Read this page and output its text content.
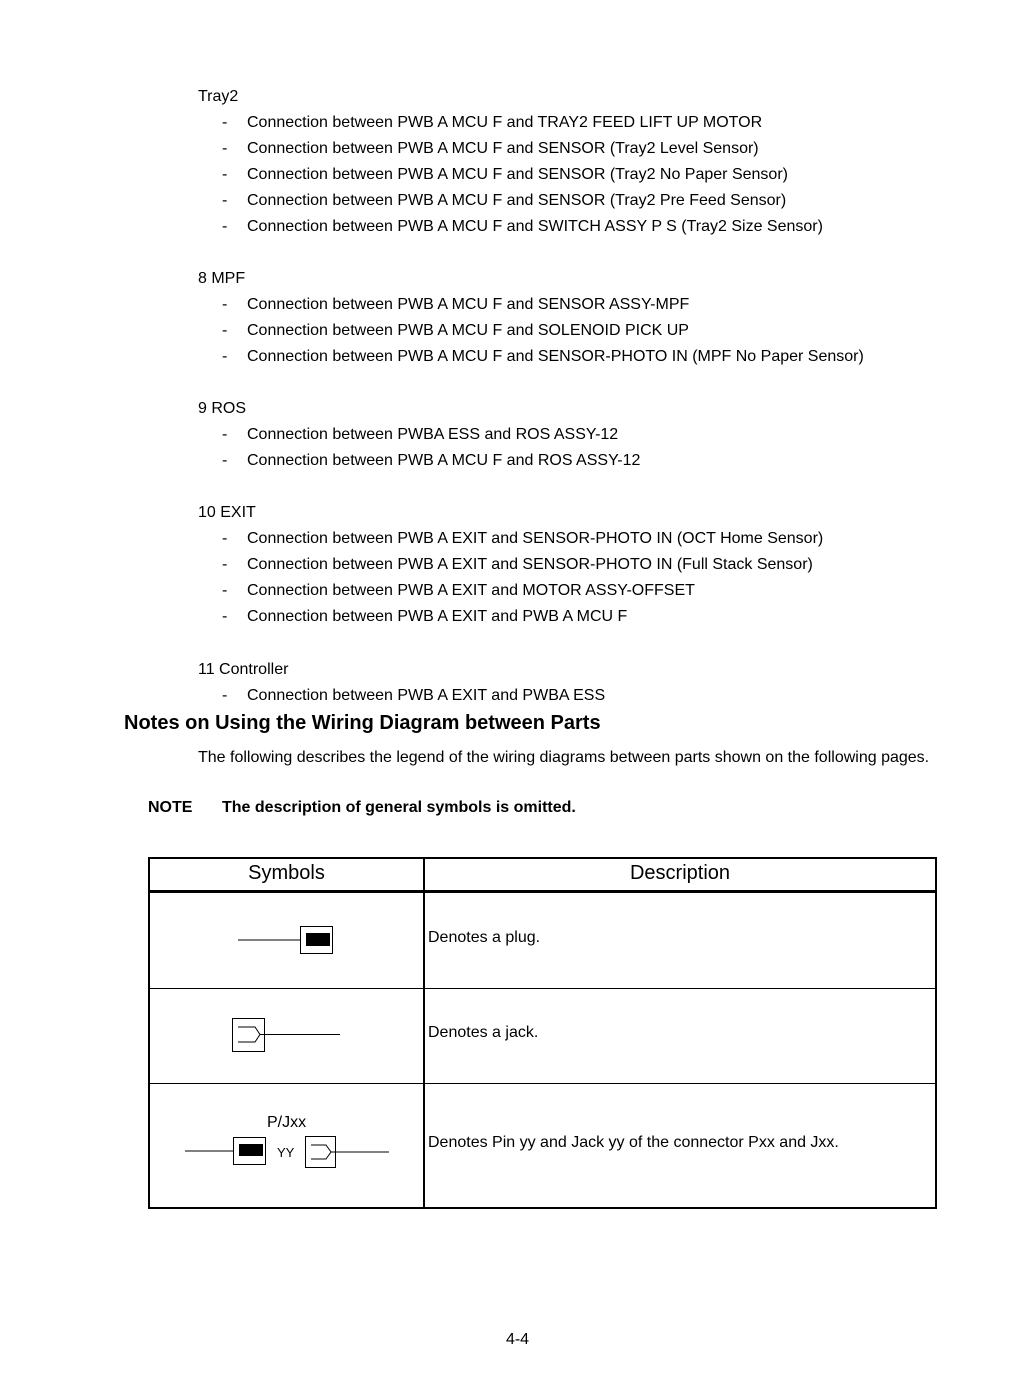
Tray2
- Connection between PWB A MCU F and TRAY2 FEED LIFT UP MOTOR
- Connection between PWB A MCU F and SENSOR (Tray2 Level Sensor)
- Connection between PWB A MCU F and SENSOR (Tray2 No Paper Sensor)
- Connection between PWB A MCU F and SENSOR (Tray2 Pre Feed Sensor)
- Connection between PWB A MCU F and SWITCH ASSY P S (Tray2 Size Sensor)
8 MPF
- Connection between PWB A MCU F and SENSOR ASSY-MPF
- Connection between PWB A MCU F and SOLENOID PICK UP
- Connection between PWB A MCU F and SENSOR-PHOTO IN (MPF No Paper Sensor)
9 ROS
- Connection between PWBA ESS and ROS ASSY-12
- Connection between PWB A MCU F and ROS ASSY-12
10 EXIT
- Connection between PWB A EXIT and SENSOR-PHOTO IN (OCT Home Sensor)
- Connection between PWB A EXIT and SENSOR-PHOTO IN (Full Stack Sensor)
- Connection between PWB A EXIT and MOTOR ASSY-OFFSET
- Connection between PWB A EXIT and PWB A MCU F
11 Controller
- Connection between PWB A EXIT and PWBA ESS
Notes on Using the Wiring Diagram between Parts
The following describes the legend of the wiring diagrams between parts shown on the following pages.
NOTE The description of general symbols is omitted.
Symbols	Description
Denotes a plug.
Denotes a jack.
P/Jxx
YY
Denotes Pin yy and Jack yy of the connector Pxx and Jxx.
4-4
